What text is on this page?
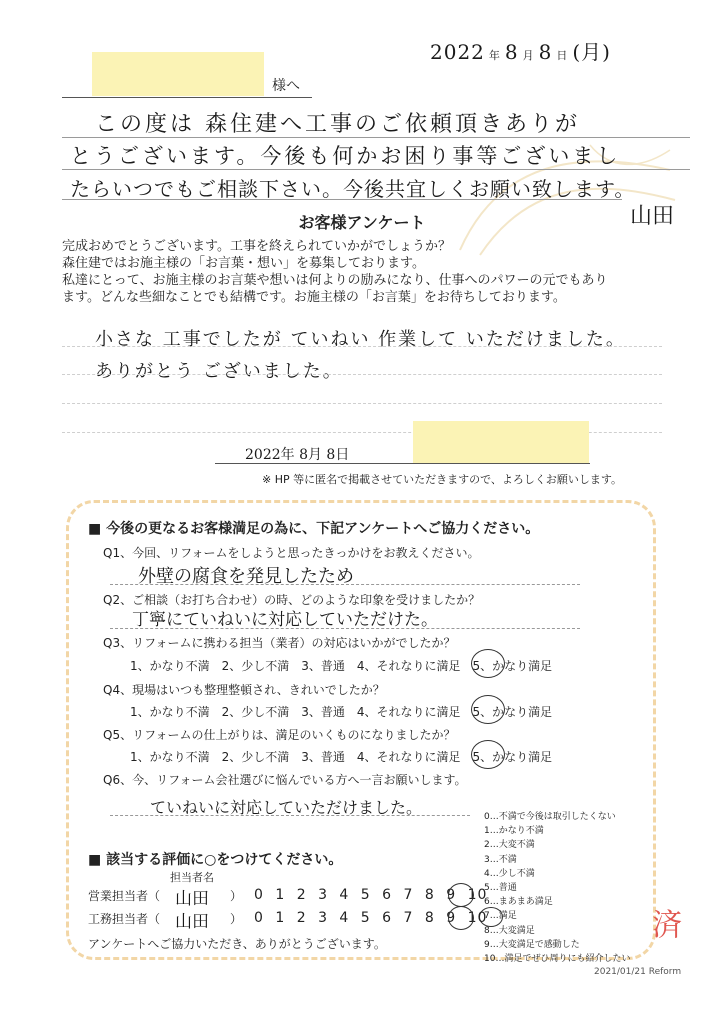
2022 年 8 月 8 日 (月)
様へ
この度は 森住建へ工事のご依頼頂きありが
とうございます。今後も何かお困り事等ございまし
たらいつでもご相談下さい。今後共宜しくお願い致します。
山田
お客様アンケート
完成おめでとうございます。工事を終えられていかがでしょうか？
森住建ではお施主様の「お言葉・想い」を募集しております。
私達にとって、お施主様のお言葉や想いは何よりの励みになり、仕事へのパワーの元でもあり
ます。どんな些細なことでも結構です。お施主様の「お言葉」をお待ちしております。
小さな 工事でしたが ていねい 作業して いただけました。
ありがとう ございました。
2022年 8月 8日
※ HP 等に匿名で掲載させていただきますので、よろしくお願いします。
■ 今後の更なるお客様満足の為に、下記アンケートへご協力ください。
Q1、今回、リフォームをしようと思ったきっかけをお教えください。
外壁の腐食を発見したため
Q2、ご相談（お打ち合わせ）の時、どのような印象を受けましたか？
丁寧にていねいに対応していただけた。
Q3、リフォームに携わる担当（業者）の対応はいかがでしたか？
1、かなり不満　2、少し不満　3、普通　4、それなりに満足　5、かなり満足
Q4、現場はいつも整理整頓され、きれいでしたか？
1、かなり不満　2、少し不満　3、普通　4、それなりに満足　5、かなり満足
Q5、リフォームの仕上がりは、満足のいくものになりましたか？
1、かなり不満　2、少し不満　3、普通　4、それなりに満足　5、かなり満足
Q6、今、リフォーム会社選びに悩んでいる方へ一言お願いします。
ていねいに対応していただけました。	0…不満で今後は取引したくない
1…かなり不満
2…大変不満
3…不満
4…少し不満
5…普通
6…まあまあ満足
7…満足
8…大変満足
9…大変満足で感動した
10…満足でぜひ周りにも紹介したい
■ 該当する評価に○をつけてください。
担当者名
営業担当者（ 山田 ） 0 1 2 3 4 5 6 7 8 9 10
工務担当者（ 山田 ） 0 1 2 3 4 5 6 7 8 9 10
アンケートへご協力いただき、ありがとうございます。
済
2021/01/21 Reform
